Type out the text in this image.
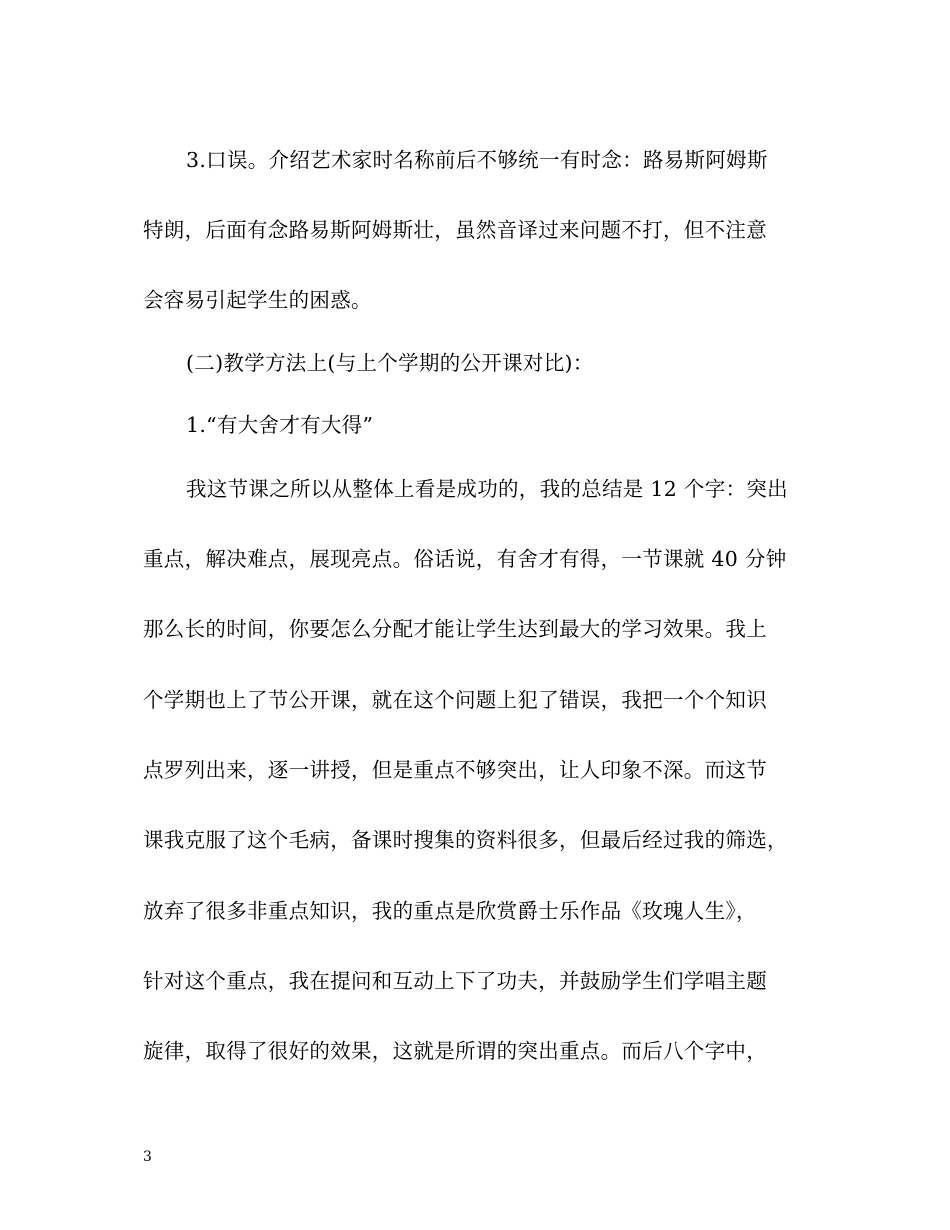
3.口误。介绍艺术家时名称前后不够统一有时念：路易斯阿姆斯
特朗，后面有念路易斯阿姆斯壮，虽然音译过来问题不打，但不注意
会容易引起学生的困惑。
(二)教学方法上(与上个学期的公开课对比)：
1.“有大舍才有大得”
我这节课之所以从整体上看是成功的，我的总结是 12 个字：突出
重点，解决难点，展现亮点。俗话说，有舍才有得，一节课就 40 分钟
那么长的时间，你要怎么分配才能让学生达到最大的学习效果。我上
个学期也上了节公开课，就在这个问题上犯了错误，我把一个个知识
点罗列出来，逐一讲授，但是重点不够突出，让人印象不深。而这节
课我克服了这个毛病，备课时搜集的资料很多，但最后经过我的筛选，
放弃了很多非重点知识，我的重点是欣赏爵士乐作品《玫瑰人生》，
针对这个重点，我在提问和互动上下了功夫，并鼓励学生们学唱主题
旋律，取得了很好的效果，这就是所谓的突出重点。而后八个字中，
3
